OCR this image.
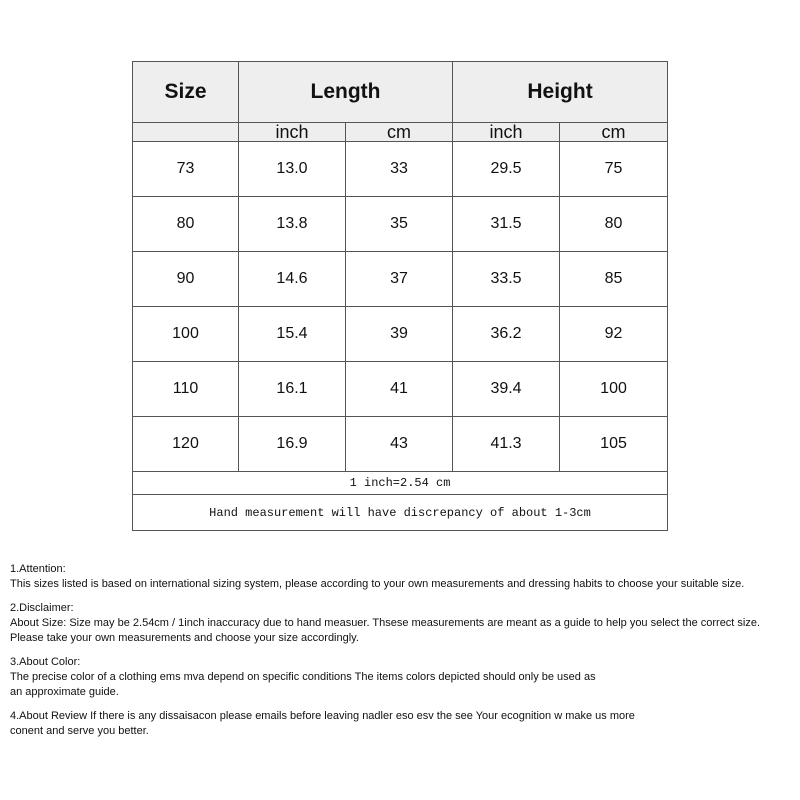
Size	Length		Height	
	inch	cm	inch	cm
73	13.0	33	29.5	75
80	13.8	35	31.5	80
90	14.6	37	33.5	85
100	15.4	39	36.2	92
110	16.1	41	39.4	100
120	16.9	43	41.3	105
1 inch=2.54 cm				
Hand measurement will have discrepancy of about 1-3cm				
1.Attention:
This sizes listed is based on international sizing system, please according to your own measurements and dressing habits to choose your suitable size.
2.Disclaimer:
About Size: Size may be 2.54cm / 1inch inaccuracy due to hand measuer. Thsese measurements are meant as a guide to help you select the correct size.
Please take your own measurements and choose your size accordingly.
3.About Color:
The precise color of a clothing ems mva depend on specific conditions The items colors depicted should only be used as
an approximate guide.
4.About Review If there is any dissaisacon please emails before leaving nadler eso esv the see Your ecognition w make us more
conent and serve you better.
